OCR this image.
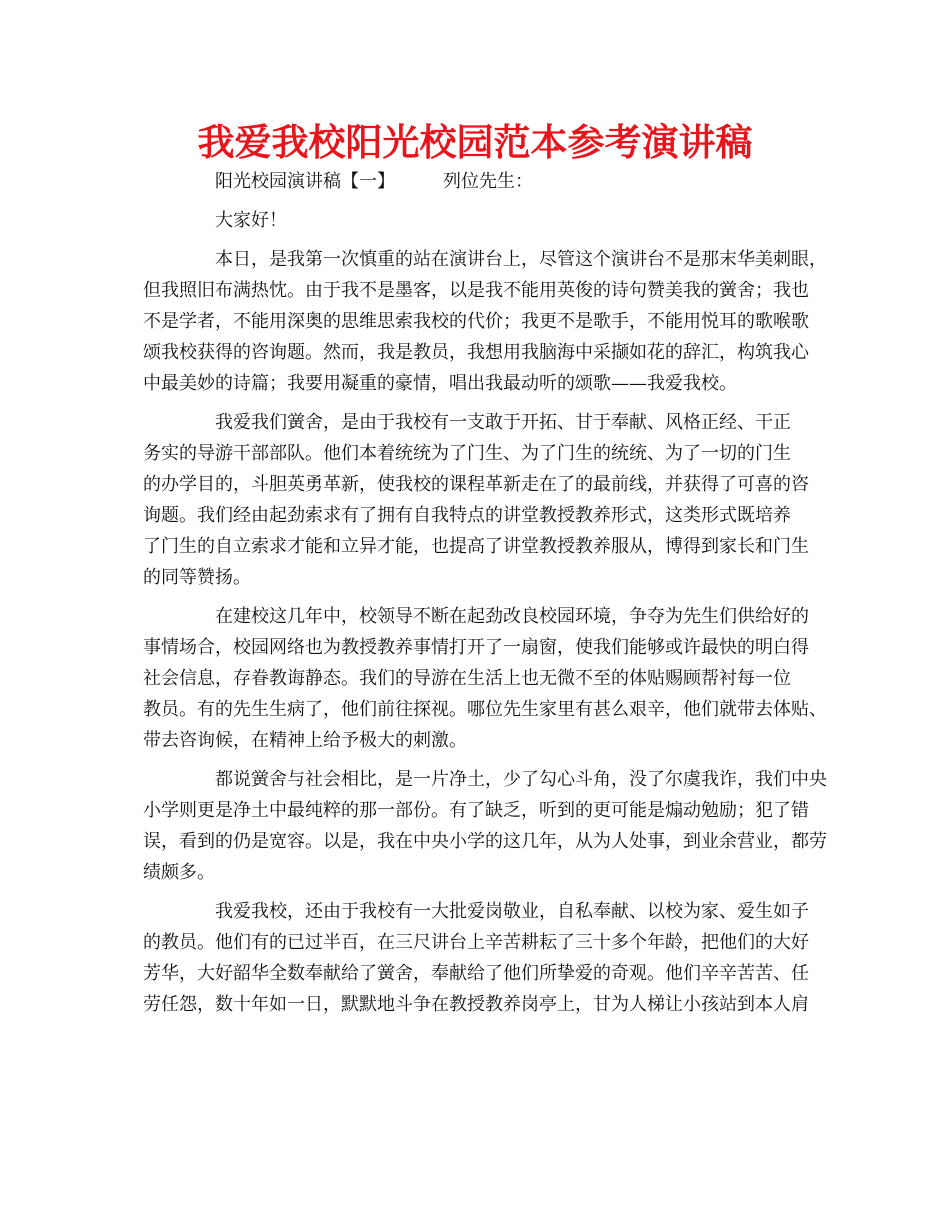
我爱我校阳光校园范本参考演讲稿
阳光校园演讲稿【一】	列位先生：
大家好！
本日，是我第一次慎重的站在演讲台上，尽管这个演讲台不是那末华美刺眼，
但我照旧布满热忱。由于我不是墨客，以是我不能用英俊的诗句赞美我的黉舍；我也
不是学者，不能用深奥的思维思索我校的代价；我更不是歌手，不能用悦耳的歌喉歌
颂我校获得的咨询题。然而，我是教员，我想用我脑海中采撷如花的辞汇，构筑我心
中最美妙的诗篇；我要用凝重的豪情，唱出我最动听的颂歌——我爱我校。
我爱我们黉舍，是由于我校有一支敢于开拓、甘于奉献、风格正经、干正
务实的导游干部部队。他们本着统统为了门生、为了门生的统统、为了一切的门生
的办学目的，斗胆英勇革新，使我校的课程革新走在了的最前线，并获得了可喜的咨
询题。我们经由起劲索求有了拥有自我特点的讲堂教授教养形式，这类形式既培养
了门生的自立索求才能和立异才能，也提高了讲堂教授教养服从，博得到家长和门生
的同等赞扬。
在建校这几年中，校领导不断在起劲改良校园环境，争夺为先生们供给好的
事情场合，校园网络也为教授教养事情打开了一扇窗，使我们能够或许最快的明白得
社会信息，存眷教诲静态。我们的导游在生活上也无微不至的体贴赐顾帮衬每一位
教员。有的先生生病了，他们前往探视。哪位先生家里有甚么艰辛，他们就带去体贴、
带去咨询候，在精神上给予极大的刺激。
都说黉舍与社会相比，是一片净土，少了勾心斗角，没了尔虞我诈，我们中央
小学则更是净土中最纯粹的那一部份。有了缺乏，听到的更可能是煽动勉励；犯了错
误，看到的仍是宽容。以是，我在中央小学的这几年，从为人处事，到业余营业，都劳
绩颇多。
我爱我校，还由于我校有一大批爱岗敬业，自私奉献、以校为家、爱生如子
的教员。他们有的已过半百，在三尺讲台上辛苦耕耘了三十多个年龄，把他们的大好
芳华，大好韶华全数奉献给了黉舍，奉献给了他们所挚爱的奇观。他们辛辛苦苦、任
劳任怨，数十年如一日，默默地斗争在教授教养岗亭上，甘为人梯让小孩站到本人肩
